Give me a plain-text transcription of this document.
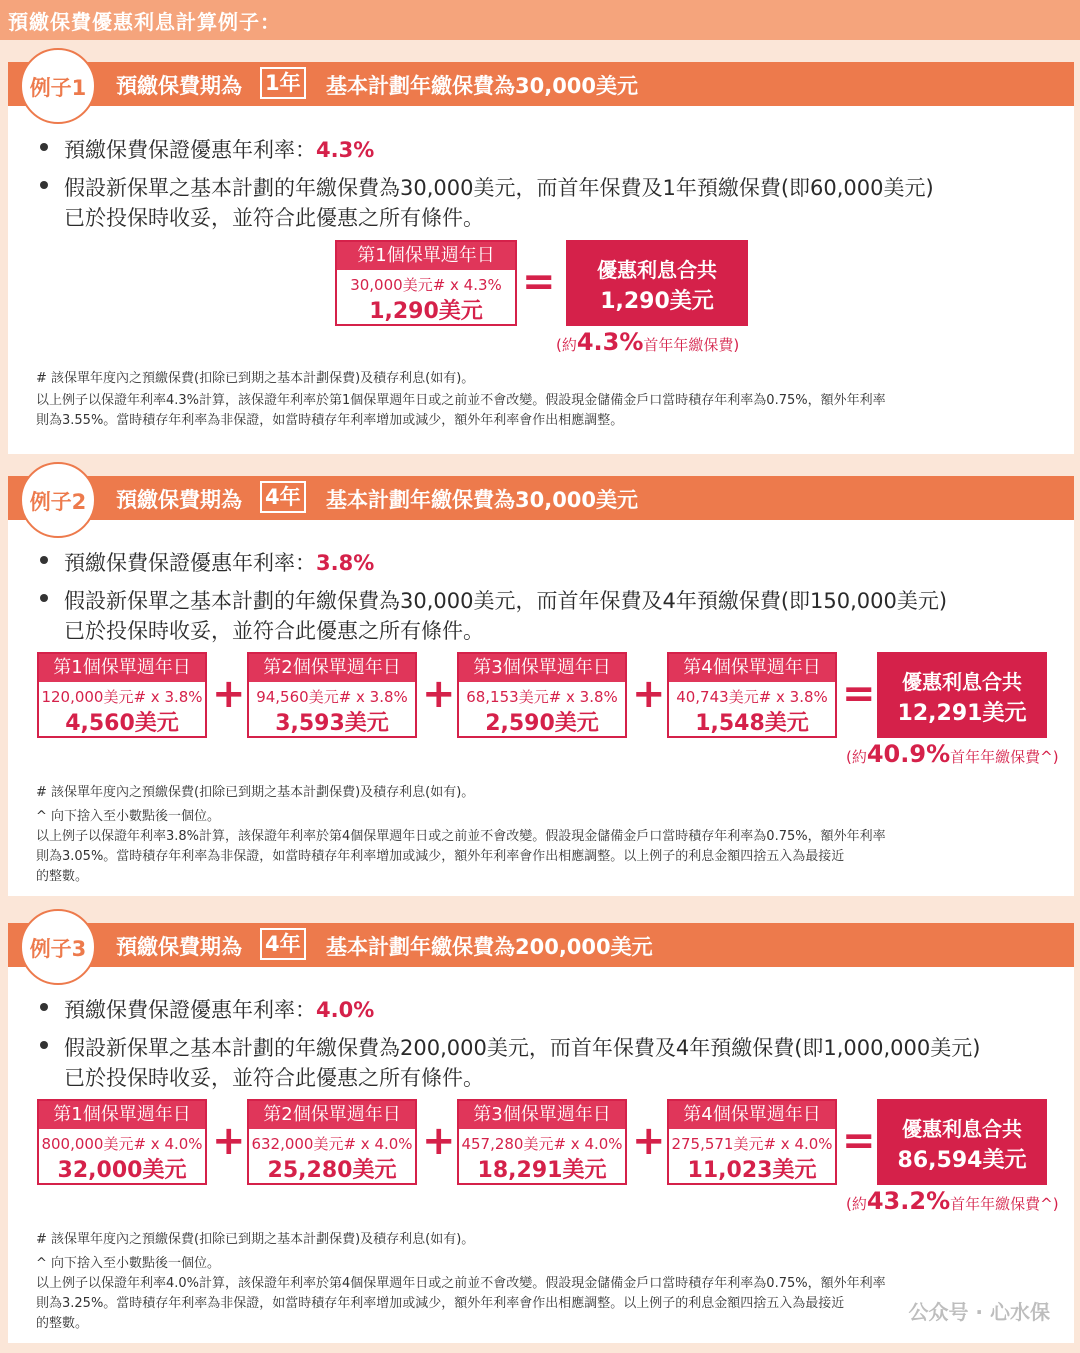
預繳保費優惠利息計算例子：
例子1	預繳保費期為 1年 基本計劃年繳保費為30,000美元
預繳保費保證優惠年利率：4.3%
假設新保單之基本計劃的年繳保費為30,000美元，而首年保費及1年預繳保費(即60,000美元)
已於投保時收妥，並符合此優惠之所有條件。
第1個保單週年日
30,000美元# x 4.3%
1,290美元
=	優惠利息合共
1,290美元
(約4.3%首年年繳保費)
# 該保單年度內之預繳保費(扣除已到期之基本計劃保費)及積存利息(如有)。
以上例子以保證年利率4.3%計算，該保證年利率於第1個保單週年日或之前並不會改變。假設現金儲備金戶口當時積存年利率為0.75%，額外年利率
則為3.55%。當時積存年利率為非保證，如當時積存年利率增加或減少，額外年利率會作出相應調整。
例子2	預繳保費期為 4年 基本計劃年繳保費為30,000美元
預繳保費保證優惠年利率：3.8%
假設新保單之基本計劃的年繳保費為30,000美元，而首年保費及4年預繳保費(即150,000美元)
已於投保時收妥，並符合此優惠之所有條件。
第1個保單週年日
120,000美元# x 3.8%
4,560美元
+
第2個保單週年日
94,560美元# x 3.8%
3,593美元
+
第3個保單週年日
68,153美元# x 3.8%
2,590美元
+
第4個保單週年日
40,743美元# x 3.8%
1,548美元
=	優惠利息合共
12,291美元
(約40.9%首年年繳保費^)
# 該保單年度內之預繳保費(扣除已到期之基本計劃保費)及積存利息(如有)。
^ 向下捨入至小數點後一個位。
以上例子以保證年利率3.8%計算，該保證年利率於第4個保單週年日或之前並不會改變。假設現金儲備金戶口當時積存年利率為0.75%，額外年利率
則為3.05%。當時積存年利率為非保證，如當時積存年利率增加或減少，額外年利率會作出相應調整。以上例子的利息金額四捨五入為最接近
的整數。
例子3	預繳保費期為 4年 基本計劃年繳保費為200,000美元
預繳保費保證優惠年利率：4.0%
假設新保單之基本計劃的年繳保費為200,000美元，而首年保費及4年預繳保費(即1,000,000美元)
已於投保時收妥，並符合此優惠之所有條件。
第1個保單週年日
800,000美元# x 4.0%
32,000美元
+
第2個保單週年日
632,000美元# x 4.0%
25,280美元
+
第3個保單週年日
457,280美元# x 4.0%
18,291美元
+
第4個保單週年日
275,571美元# x 4.0%
11,023美元
=	優惠利息合共
86,594美元
(約43.2%首年年繳保費^)
# 該保單年度內之預繳保費(扣除已到期之基本計劃保費)及積存利息(如有)。
^ 向下捨入至小數點後一個位。
以上例子以保證年利率4.0%計算，該保證年利率於第4個保單週年日或之前並不會改變。假設現金儲備金戶口當時積存年利率為0.75%，額外年利率
則為3.25%。當時積存年利率為非保證，如當時積存年利率增加或減少，額外年利率會作出相應調整。以上例子的利息金額四捨五入為最接近
的整數。	公众号 · 心水保
